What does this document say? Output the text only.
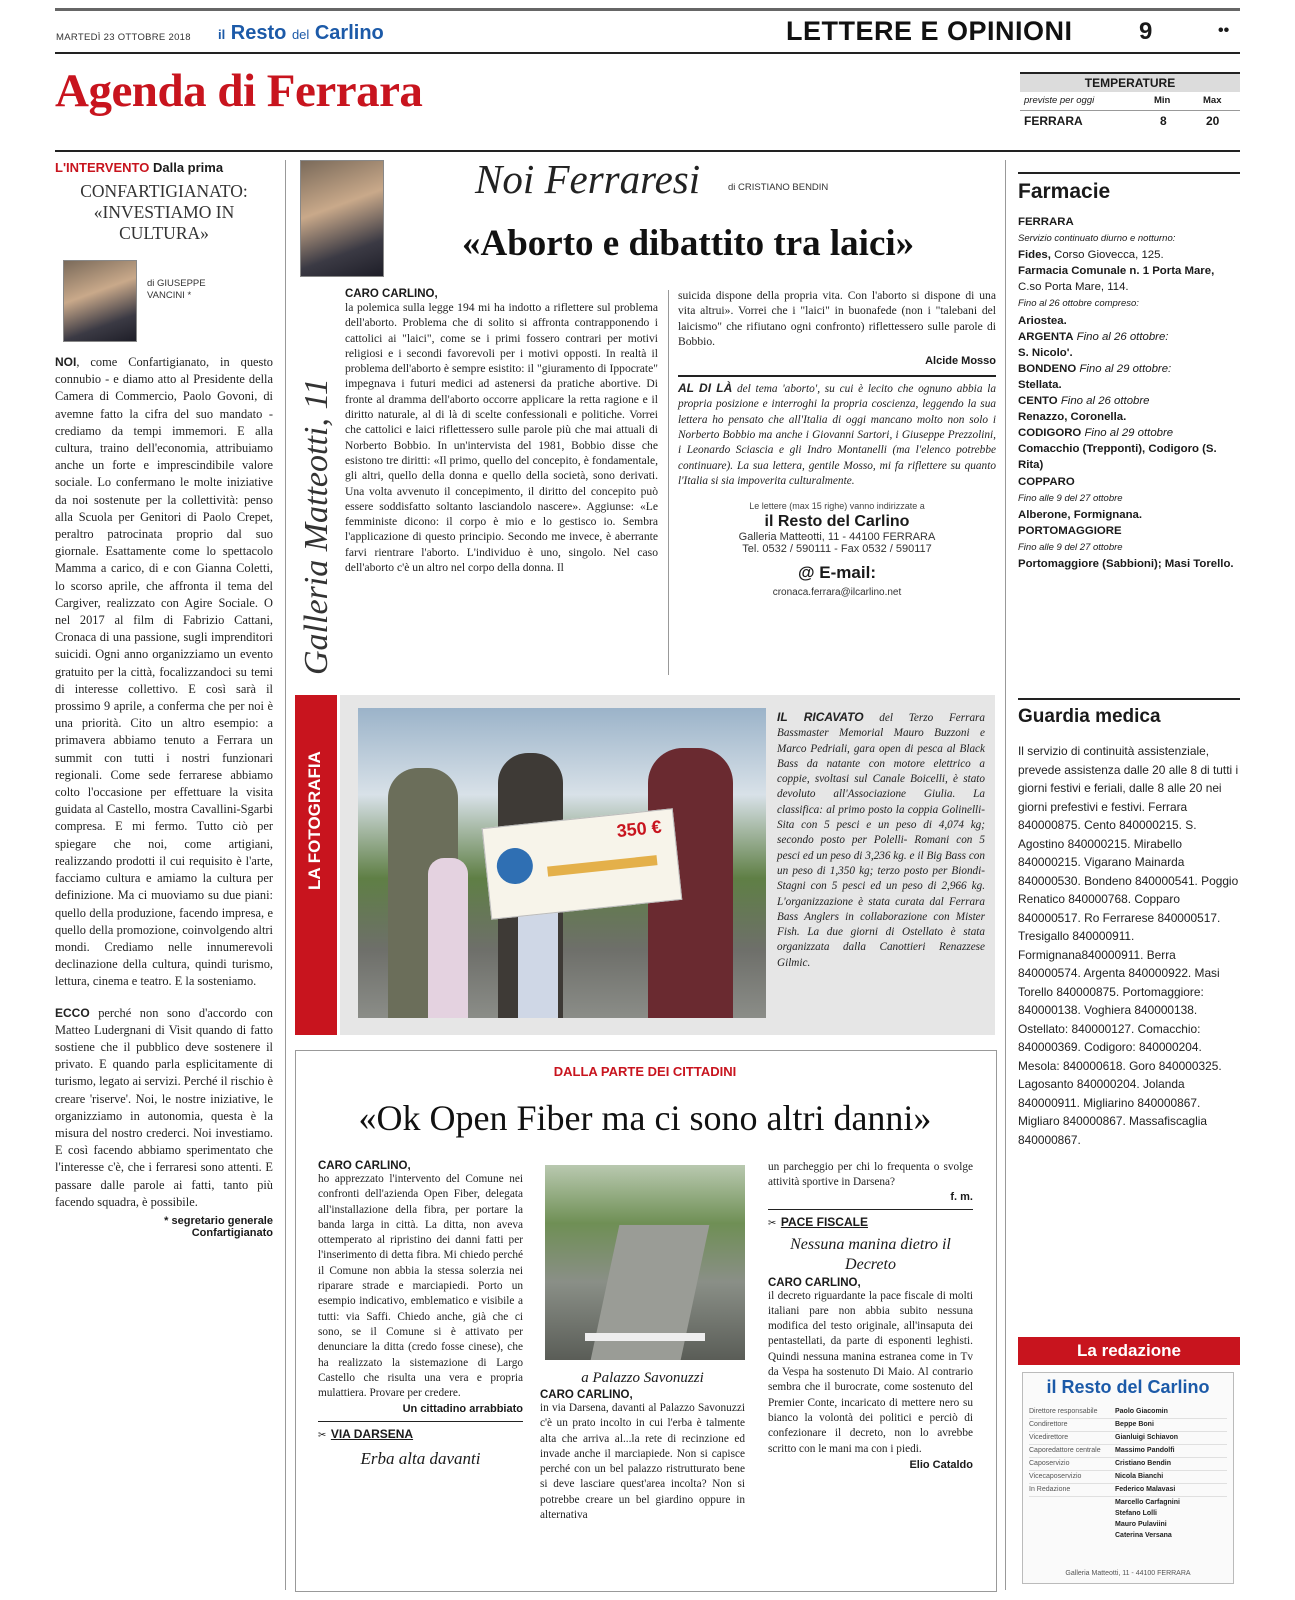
MARTEDÌ 23 OTTOBRE 2018 il Resto del Carlino	LETTERE E OPINIONI	9	••
Agenda di Ferrara	TEMPERATURE
previste per oggi	Min	Max
FERRARA	8	20
L'INTERVENTO Dalla prima
CONFARTIGIANATO: «INVESTIAMO IN CULTURA»
di GIUSEPPE VANCINI *
NOI, come Confartigianato, in questo connubio - e diamo atto al Presidente della Camera di Commercio, Paolo Govoni, di avemne fatto la cifra del suo mandato - crediamo da tempi immemori. E alla cultura, traino dell'economia, attribuiamo anche un forte e imprescindibile valore sociale. Lo confermano le molte iniziative da noi sostenute per la collettività: penso alla Scuola per Genitori di Paolo Crepet, peraltro patrocinata proprio dal suo giornale. Esattamente come lo spettacolo Mamma a carico, di e con Gianna Coletti, lo scorso aprile, che affronta il tema del Cargiver, realizzato con Agire Sociale. O nel 2017 al film di Fabrizio Cattani, Cronaca di una passione, sugli imprenditori suicidi. Ogni anno organizziamo un evento gratuito per la città, focalizzandoci su temi di interesse collettivo. E così sarà il prossimo 9 aprile, a conferma che per noi è una priorità. Cito un altro esempio: a primavera abbiamo tenuto a Ferrara un summit con tutti i nostri funzionari regionali. Come sede ferrarese abbiamo colto l'occasione per effettuare la visita guidata al Castello, mostra Cavallini-Sgarbi compresa. E mi fermo. Tutto ciò per spiegare che noi, come artigiani, realizzando prodotti il cui requisito è l'arte, facciamo cultura e amiamo la cultura per definizione. Ma ci muoviamo su due piani: quello della produzione, facendo impresa, e quello della promozione, coinvolgendo altri mondi. Crediamo nelle innumerevoli declinazione della cultura, quindi turismo, lettura, cinema e teatro. E la sosteniamo.
ECCO perché non sono d'accordo con Matteo Ludergnani di Visit quando di fatto sostiene che il pubblico deve sostenere il privato. E quando parla esplicitamente di turismo, legato ai servizi. Perché il rischio è creare 'riserve'. Noi, le nostre iniziative, le organizziamo in autonomia, questa è la misura del nostro crederci. Noi investiamo. E così facendo abbiamo sperimentato che l'interesse c'è, che i ferraresi sono attenti. E passare dalle parole ai fatti, tanto più facendo squadra, è possibile.
* segretario generale
Confartigianato
Noi Ferraresi	di CRISTIANO BENDIN
«Aborto e dibattito tra laici»
Galleria Matteotti, 11
CARO CARLINO,
la polemica sulla legge 194 mi ha indotto a riflettere sul problema dell'aborto. Problema che di solito si affronta contrapponendo i cattolici ai "laici", come se i primi fossero contrari per motivi religiosi e i secondi favorevoli per i motivi opposti. In realtà il problema dell'aborto è sempre esistito: il "giuramento di Ippocrate" impegnava i futuri medici ad astenersi da pratiche abortive. Di fronte al dramma dell'aborto occorre applicare la retta ragione e il diritto naturale, al di là di scelte confessionali e politiche. Vorrei che cattolici e laici riflettessero sulle parole più che mai attuali di Norberto Bobbio. In un'intervista del 1981, Bobbio disse che esistono tre diritti: «Il primo, quello del concepito, è fondamentale, gli altri, quello della donna e quello della società, sono derivati. Una volta avvenuto il concepimento, il diritto del concepito può essere soddisfatto soltanto lasciandolo nascere». Aggiunse: «Le femministe dicono: il corpo è mio e lo gestisco io. Sembra l'applicazione di questo principio. Secondo me invece, è aberrante farvi rientrare l'aborto. L'individuo è uno, singolo. Nel caso dell'aborto c'è un altro nel corpo della donna. Il
suicida dispone della propria vita. Con l'aborto si dispone di una vita altrui». Vorrei che i "laici" in buonafede (non i "talebani del laicismo" che rifiutano ogni confronto) riflettessero sulle parole di Bobbio.
Alcide Mosso
AL DI LÀ del tema 'aborto', su cui è lecito che ognuno abbia la propria posizione e interroghi la propria coscienza, leggendo la sua lettera ho pensato che all'Italia di oggi mancano molto non solo i Norberto Bobbio ma anche i Giovanni Sartori, i Giuseppe Prezzolini, i Leonardo Sciascia e gli Indro Montanelli (ma l'elenco potrebbe continuare). La sua lettera, gentile Mosso, mi fa riflettere su quanto l'Italia si sia impoverita culturalmente.
Le lettere (max 15 righe) vanno indirizzate a
il Resto del Carlino
Galleria Matteotti, 11 - 44100 FERRARA
Tel. 0532 / 590111 - Fax 0532 / 590117
@ E-mail:
cronaca.ferrara@ilcarlino.net
LA FOTOGRAFIA	350 €
IL RICAVATO del Terzo Ferrara Bassmaster Memorial Mauro Buzzoni e Marco Pedriali, gara open di pesca al Black Bass da natante con motore elettrico a coppie, svoltasi sul Canale Boicelli, è stato devoluto all'Associazione Giulia. La classifica: al primo posto la coppia Golinelli-Sita con 5 pesci e un peso di 4,074 kg; secondo posto per Polelli- Romani con 5 pesci ed un peso di 3,236 kg. e il Big Bass con un peso di 1,350 kg; terzo posto per Biondi-Stagni con 5 pesci ed un peso di 2,966 kg. L'organizzazione è stata curata dal Ferrara Bass Anglers in collaborazione con Mister Fish. La due giorni di Ostellato è stata organizzata dalla Canottieri Renazzese Gilmic.
DALLA PARTE DEI CITTADINI
«Ok Open Fiber ma ci sono altri danni»
CARO CARLINO,
ho apprezzato l'intervento del Comune nei confronti dell'azienda Open Fiber, delegata all'installazione della fibra, per portare la banda larga in città. La ditta, non aveva ottemperato al ripristino dei danni fatti per l'inserimento di detta fibra. Mi chiedo perché il Comune non abbia la stessa solerzia nei riparare strade e marciapiedi. Porto un esempio indicativo, emblematico e visibile a tutti: via Saffi. Chiedo anche, già che ci sono, se il Comune si è attivato per denunciare la ditta (credo fosse cinese), che ha realizzato la sistemazione di Largo Castello che risulta una vera e propria mulattiera. Provare per credere.
Un cittadino arrabbiato
✂ VIA DARSENA
Erba alta davanti
a Palazzo Savonuzzi
CARO CARLINO,
in via Darsena, davanti al Palazzo Savonuzzi c'è un prato incolto in cui l'erba è talmente alta che arriva al...la rete di recinzione ed invade anche il marciapiede. Non si capisce perché con un bel palazzo ristrutturato bene si deve lasciare quest'area incolta? Non si potrebbe creare un bel giardino oppure in alternativa
un parcheggio per chi lo frequenta o svolge attività sportive in Darsena?
f. m.
✂ PACE FISCALE
Nessuna manina dietro il Decreto
CARO CARLINO,
il decreto riguardante la pace fiscale di molti italiani pare non abbia subito nessuna modifica del testo originale, all'insaputa dei pentastellati, da parte di esponenti leghisti. Quindi nessuna manina estranea come in Tv da Vespa ha sostenuto Di Maio. Al contrario sembra che il burocrate, come sostenuto del Premier Conte, incaricato di mettere nero su bianco la volontà dei politici e perciò di confezionare il decreto, non lo avrebbe scritto con le mani ma con i piedi.
Elio Cataldo
Farmacie
FERRARA
Servizio continuato diurno e notturno:
Fides, Corso Giovecca, 125.
Farmacia Comunale n. 1 Porta Mare, C.so Porta Mare, 114.
Fino al 26 ottobre compreso:
Ariostea.
ARGENTA Fino al 26 ottobre:
S. Nicolo'.
BONDENO Fino al 29 ottobre:
Stellata.
CENTO Fino al 26 ottobre
Renazzo, Coronella.
CODIGORO Fino al 29 ottobre
Comacchio (Trepponti), Codigoro (S. Rita)
COPPARO
Fino alle 9 del 27 ottobre
Alberone, Formignana.
PORTOMAGGIORE
Fino alle 9 del 27 ottobre
Portomaggiore (Sabbioni); Masi Torello.
Guardia medica
Il servizio di continuità assistenziale, prevede assistenza dalle 20 alle 8 di tutti i giorni festivi e feriali, dalle 8 alle 20 nei giorni prefestivi e festivi. Ferrara 840000875. Cento 840000215. S. Agostino 840000215. Mirabello 840000215. Vigarano Mainarda 840000530. Bondeno 840000541. Poggio Renatico 840000768. Copparo 840000517. Ro Ferrarese 840000517. Tresigallo 840000911. Formignana840000911. Berra 840000574. Argenta 840000922. Masi Torello 840000875. Portomaggiore: 840000138. Voghiera 840000138. Ostellato: 840000127. Comacchio: 840000369. Codigoro: 840000204. Mesola: 840000618. Goro 840000325. Lagosanto 840000204. Jolanda 840000911. Migliarino 840000867. Migliaro 840000867. Massafiscaglia 840000867.
La redazione
il Resto del Carlino
Direttore responsabile	Paolo Giacomin
Condirettore	Beppe Boni
Vicedirettore	Gianluigi Schiavon
Caporedattore centrale	Massimo Pandolfi
Caposervizio	Cristiano Bendin
Vicecaposervizio	Nicola Bianchi
In Redazione	Federico Malavasi
Marcello Carfagnini
Stefano Lolli
Mauro Pulaviini
Caterina Versana
Galleria Matteotti, 11 - 44100 FERRARA
